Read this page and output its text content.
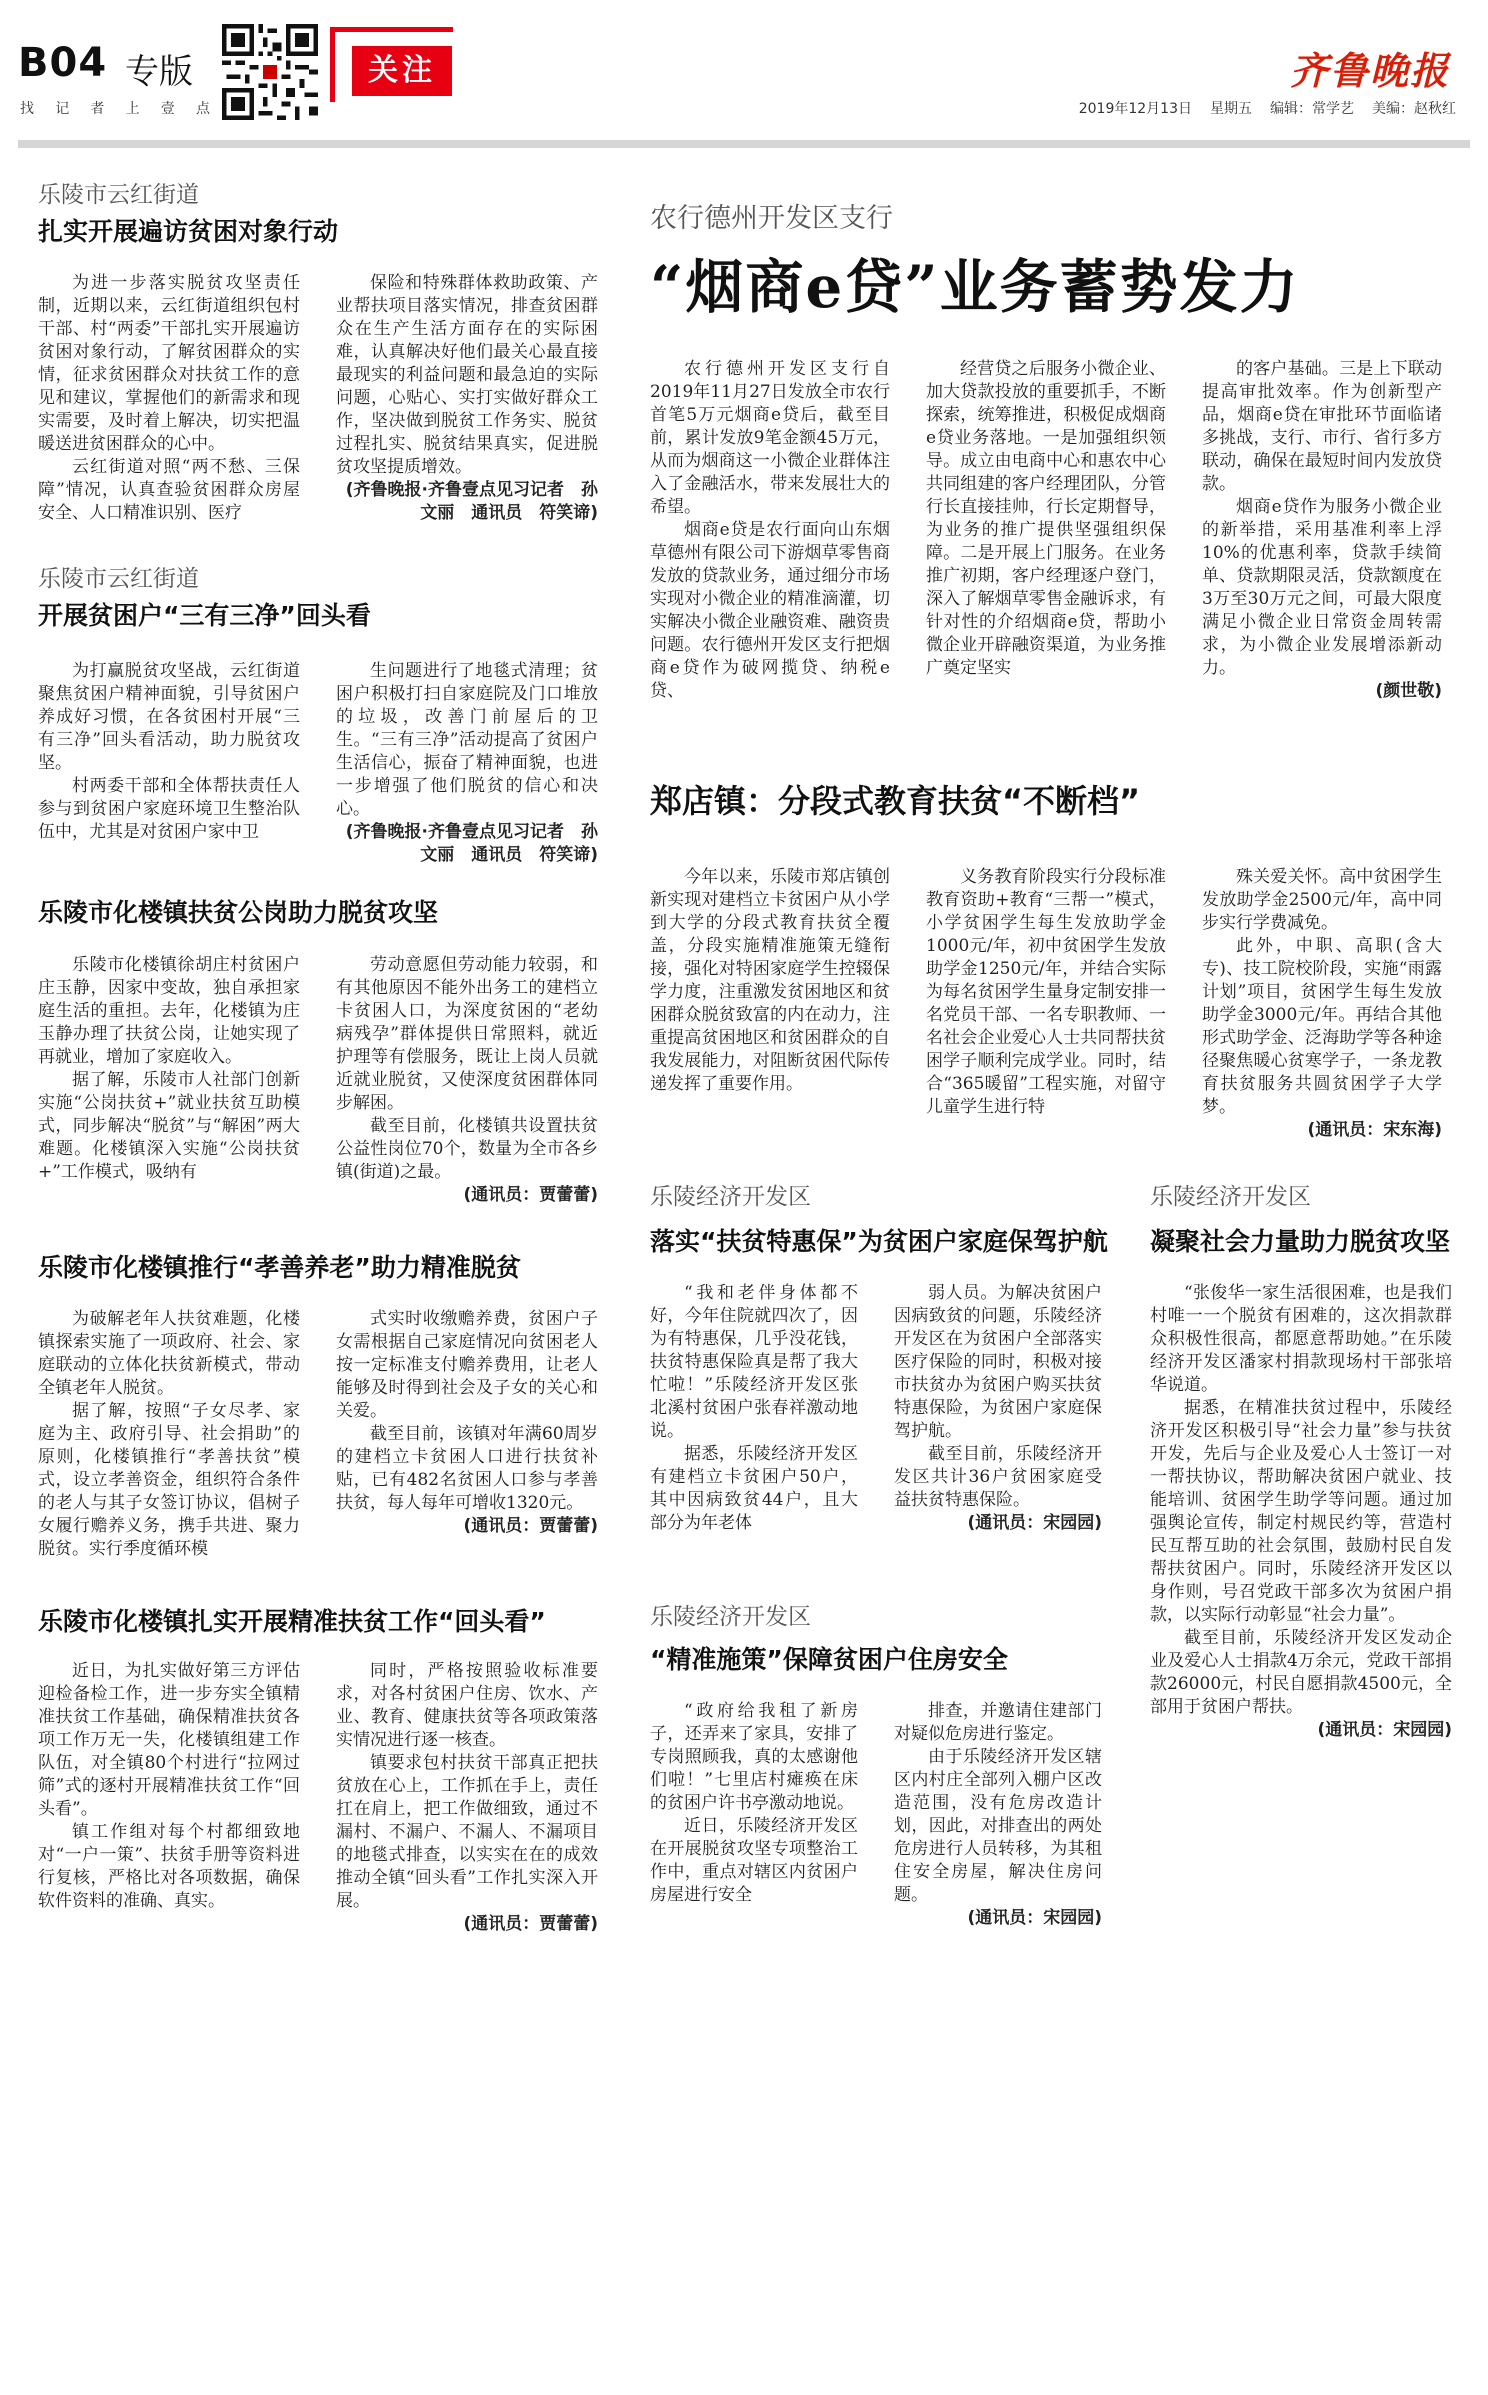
B04 专版
找 记 者 上 壹 点
关注	齐鲁晚报
2019年12月13日 星期五 编辑：常学艺 美编：赵秋红
乐陵市云红街道
扎实开展遍访贫困对象行动

为进一步落实脱贫攻坚责任制，近期以来，云红街道组织包村干部、村“两委”干部扎实开展遍访贫困对象行动，了解贫困群众的实情，征求贫困群众对扶贫工作的意见和建议，掌握他们的新需求和现实需要，及时着上解决，切实把温暖送进贫困群众的心中。

云红街道对照“两不愁、三保障”情况，认真查验贫困群众房屋安全、人口精准识别、医疗

保险和特殊群体救助政策、产业帮扶项目落实情况，排查贫困群众在生产生活方面存在的实际困难，认真解决好他们最关心最直接最现实的利益问题和最急迫的实际问题，心贴心、实打实做好群众工作，坚决做到脱贫工作务实、脱贫过程扎实、脱贫结果真实，促进脱贫攻坚提质增效。

(齐鲁晚报·齐鲁壹点见习记者　孙文丽　通讯员　符笑谛)
乐陵市云红街道
开展贫困户“三有三净”回头看

为打赢脱贫攻坚战，云红街道聚焦贫困户精神面貌，引导贫困户养成好习惯，在各贫困村开展“三有三净”回头看活动，助力脱贫攻坚。

村两委干部和全体帮扶责任人参与到贫困户家庭环境卫生整治队伍中，尤其是对贫困户家中卫

生问题进行了地毯式清理；贫困户积极打扫自家庭院及门口堆放的垃圾，改善门前屋后的卫生。“三有三净”活动提高了贫困户生活信心，振奋了精神面貌，也进一步增强了他们脱贫的信心和决心。

(齐鲁晚报·齐鲁壹点见习记者　孙文丽　通讯员　符笑谛)
乐陵市化楼镇扶贫公岗助力脱贫攻坚

乐陵市化楼镇徐胡庄村贫困户庄玉静，因家中变故，独自承担家庭生活的重担。去年，化楼镇为庄玉静办理了扶贫公岗，让她实现了再就业，增加了家庭收入。

据了解，乐陵市人社部门创新实施“公岗扶贫+”就业扶贫互助模式，同步解决“脱贫”与“解困”两大难题。化楼镇深入实施“公岗扶贫+”工作模式，吸纳有

劳动意愿但劳动能力较弱，和有其他原因不能外出务工的建档立卡贫困人口，为深度贫困的“老幼病残孕”群体提供日常照料，就近护理等有偿服务，既让上岗人员就近就业脱贫，又使深度贫困群体同步解困。

截至目前，化楼镇共设置扶贫公益性岗位70个，数量为全市各乡镇(街道)之最。

(通讯员：贾蕾蕾)
乐陵市化楼镇推行“孝善养老”助力精准脱贫

为破解老年人扶贫难题，化楼镇探索实施了一项政府、社会、家庭联动的立体化扶贫新模式，带动全镇老年人脱贫。

据了解，按照“子女尽孝、家庭为主、政府引导、社会捐助”的原则，化楼镇推行“孝善扶贫”模式，设立孝善资金，组织符合条件的老人与其子女签订协议，倡树子女履行赡养义务，携手共进、聚力脱贫。实行季度循环模

式实时收缴赡养费，贫困户子女需根据自己家庭情况向贫困老人按一定标准支付赡养费用，让老人能够及时得到社会及子女的关心和关爱。

截至目前，该镇对年满60周岁的建档立卡贫困人口进行扶贫补贴，已有482名贫困人口参与孝善扶贫，每人每年可增收1320元。

(通讯员：贾蕾蕾)
乐陵市化楼镇扎实开展精准扶贫工作“回头看”

近日，为扎实做好第三方评估迎检备检工作，进一步夯实全镇精准扶贫工作基础，确保精准扶贫各项工作万无一失，化楼镇组建工作队伍，对全镇80个村进行“拉网过筛”式的逐村开展精准扶贫工作“回头看”。

镇工作组对每个村都细致地对“一户一策”、扶贫手册等资料进行复核，严格比对各项数据，确保软件资料的准确、真实。

同时，严格按照验收标准要求，对各村贫困户住房、饮水、产业、教育、健康扶贫等各项政策落实情况进行逐一核查。

镇要求包村扶贫干部真正把扶贫放在心上，工作抓在手上，责任扛在肩上，把工作做细致，通过不漏村、不漏户、不漏人、不漏项目的地毯式排查，以实实在在的成效推动全镇“回头看”工作扎实深入开展。

(通讯员：贾蕾蕾)
农行德州开发区支行
“烟商e贷”业务蓄势发力

农行德州开发区支行自2019年11月27日发放全市农行首笔5万元烟商e贷后，截至目前，累计发放9笔金额45万元，从而为烟商这一小微企业群体注入了金融活水，带来发展壮大的希望。

烟商e贷是农行面向山东烟草德州有限公司下游烟草零售商发放的贷款业务，通过细分市场实现对小微企业的精准滴灌，切实解决小微企业融资难、融资贵问题。农行德州开发区支行把烟商e贷作为破网揽贷、纳税e贷、

经营贷之后服务小微企业、加大贷款投放的重要抓手，不断探索，统筹推进，积极促成烟商e贷业务落地。一是加强组织领导。成立由电商中心和惠农中心共同组建的客户经理团队，分管行长直接挂帅，行长定期督导，为业务的推广提供坚强组织保障。二是开展上门服务。在业务推广初期，客户经理逐户登门，深入了解烟草零售金融诉求，有针对性的介绍烟商e贷，帮助小微企业开辟融资渠道，为业务推广奠定坚实

的客户基础。三是上下联动提高审批效率。作为创新型产品，烟商e贷在审批环节面临诸多挑战，支行、市行、省行多方联动，确保在最短时间内发放贷款。

烟商e贷作为服务小微企业的新举措，采用基准利率上浮10%的优惠利率，贷款手续简单、贷款期限灵活，贷款额度在3万至30万元之间，可最大限度满足小微企业日常资金周转需求，为小微企业发展增添新动力。

(颜世敬)
郑店镇：分段式教育扶贫“不断档”

今年以来，乐陵市郑店镇创新实现对建档立卡贫困户从小学到大学的分段式教育扶贫全覆盖，分段实施精准施策无缝衔接，强化对特困家庭学生控辍保学力度，注重激发贫困地区和贫困群众脱贫致富的内在动力，注重提高贫困地区和贫困群众的自我发展能力，对阻断贫困代际传递发挥了重要作用。

义务教育阶段实行分段标准教育资助+教育“三帮一”模式，小学贫困学生每生发放助学金1000元/年，初中贫困学生发放助学金1250元/年，并结合实际为每名贫困学生量身定制安排一名党员干部、一名专职教师、一名社会企业爱心人士共同帮扶贫困学子顺利完成学业。同时，结合“365暖留”工程实施，对留守儿童学生进行特

殊关爱关怀。高中贫困学生发放助学金2500元/年，高中同步实行学费减免。

此外，中职、高职(含大专)、技工院校阶段，实施“雨露计划”项目，贫困学生每生发放助学金3000元/年。再结合其他形式助学金、泛海助学等各种途径聚焦暖心贫寒学子，一条龙教育扶贫服务共圆贫困学子大学梦。

(通讯员：宋东海)
乐陵经济开发区
落实“扶贫特惠保”为贫困户家庭保驾护航

“我和老伴身体都不好，今年住院就四次了，因为有特惠保，几乎没花钱，扶贫特惠保险真是帮了我大忙啦！”乐陵经济开发区张北溪村贫困户张春祥激动地说。

据悉，乐陵经济开发区有建档立卡贫困户50户，其中因病致贫44户，且大部分为年老体

弱人员。为解决贫困户因病致贫的问题，乐陵经济开发区在为贫困户全部落实医疗保险的同时，积极对接市扶贫办为贫困户购买扶贫特惠保险，为贫困户家庭保驾护航。

截至目前，乐陵经济开发区共计36户贫困家庭受益扶贫特惠保险。

(通讯员：宋园园)
乐陵经济开发区
凝聚社会力量助力脱贫攻坚

“张俊华一家生活很困难，也是我们村唯一一个脱贫有困难的，这次捐款群众积极性很高，都愿意帮助她。”在乐陵经济开发区潘家村捐款现场村干部张培华说道。

据悉，在精准扶贫过程中，乐陵经济开发区积极引导“社会力量”参与扶贫开发，先后与企业及爱心人士签订一对一帮扶协议，帮助解决贫困户就业、技能培训、贫困学生助学等问题。通过加强舆论宣传，制定村规民约等，营造村民互帮互助的社会氛围，鼓励村民自发帮扶贫困户。同时，乐陵经济开发区以身作则，号召党政干部多次为贫困户捐款，以实际行动彰显“社会力量”。

截至目前，乐陵经济开发区发动企业及爱心人士捐款4万余元，党政干部捐款26000元，村民自愿捐款4500元，全部用于贫困户帮扶。

(通讯员：宋园园)
乐陵经济开发区
“精准施策”保障贫困户住房安全

“政府给我租了新房子，还弄来了家具，安排了专岗照顾我，真的太感谢他们啦！”七里店村瘫痪在床的贫困户许书亭激动地说。

近日，乐陵经济开发区在开展脱贫攻坚专项整治工作中，重点对辖区内贫困户房屋进行安全

排查，并邀请住建部门对疑似危房进行鉴定。

由于乐陵经济开发区辖区内村庄全部列入棚户区改造范围，没有危房改造计划，因此，对排查出的两处危房进行人员转移，为其租住安全房屋，解决住房问题。

(通讯员：宋园园)
